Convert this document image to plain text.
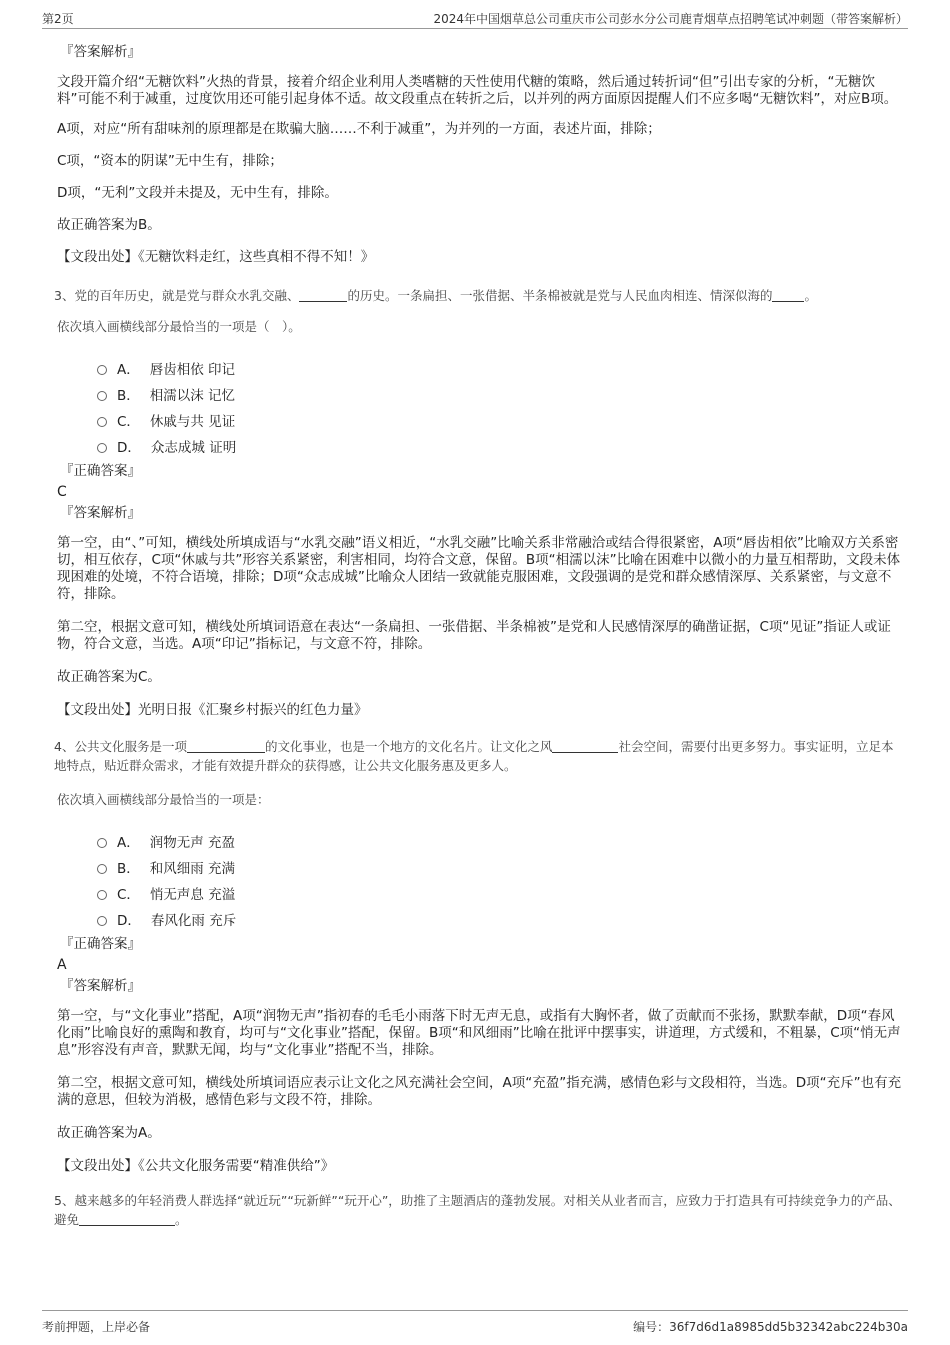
第2页	2024年中国烟草总公司重庆市公司彭水分公司鹿青烟草点招聘笔试冲刺题（带答案解析）
『答案解析』

文段开篇介绍“无糖饮料”火热的背景，接着介绍企业利用人类嗜糖的天性使用代糖的策略，然后通过转折词“但”引出专家的分析，“无糖饮料”可能不利于减重，过度饮用还可能引起身体不适。故文段重点在转折之后，以并列的两方面原因提醒人们不应多喝“无糖饮料”，对应B项。

A项，对应“所有甜味剂的原理都是在欺骗大脑……不利于减重”，为并列的一方面，表述片面，排除；

C项，“资本的阴谋”无中生有，排除；

D项，“无利”文段并未提及，无中生有，排除。

故正确答案为B。

【文段出处】《无糖饮料走红，这些真相不得不知！》

3、党的百年历史，就是党与群众水乳交融、	的历史。一条扁担、一张借据、半条棉被就是党与人民血肉相连、情深似海的	。
依次填入画横线部分最恰当的一项是（　）。
A． 唇齿相依 印记
B． 相濡以沫 记忆
C． 休戚与共 见证
D． 众志成城 证明
『正确答案』
C
『答案解析』

第一空，由“、”可知，横线处所填成语与“水乳交融”语义相近，“水乳交融”比喻关系非常融洽或结合得很紧密，A项“唇齿相依”比喻双方关系密切，相互依存，C项“休戚与共”形容关系紧密，利害相同，均符合文意，保留。B项“相濡以沫”比喻在困难中以微小的力量互相帮助，文段未体现困难的处境，不符合语境，排除；D项“众志成城”比喻众人团结一致就能克服困难，文段强调的是党和群众感情深厚、关系紧密，与文意不符，排除。

第二空，根据文意可知，横线处所填词语意在表达“一条扁担、一张借据、半条棉被”是党和人民感情深厚的确凿证据，C项“见证”指证人或证物，符合文意，当选。A项“印记”指标记，与文意不符，排除。

故正确答案为C。

【文段出处】光明日报《汇聚乡村振兴的红色力量》

4、公共文化服务是一项	的文化事业，也是一个地方的文化名片。让文化之风	社会空间，需要付出更多努力。事实证明，立足本地特点，贴近群众需求，才能有效提升群众的获得感，让公共文化服务惠及更多人。
依次填入画横线部分最恰当的一项是：
A． 润物无声 充盈
B． 和风细雨 充满
C． 悄无声息 充溢
D． 春风化雨 充斥
『正确答案』
A
『答案解析』

第一空，与“文化事业”搭配，A项“润物无声”指初春的毛毛小雨落下时无声无息，或指有大胸怀者，做了贡献而不张扬，默默奉献，D项“春风化雨”比喻良好的熏陶和教育，均可与“文化事业”搭配，保留。B项“和风细雨”比喻在批评中摆事实，讲道理，方式缓和，不粗暴，C项“悄无声息”形容没有声音，默默无闻，均与“文化事业”搭配不当，排除。

第二空，根据文意可知，横线处所填词语应表示让文化之风充满社会空间，A项“充盈”指充满，感情色彩与文段相符，当选。D项“充斥”也有充满的意思，但较为消极，感情色彩与文段不符，排除。

故正确答案为A。

【文段出处】《公共文化服务需要“精准供给”》

5、越来越多的年轻消费人群选择“就近玩”“玩新鲜”“玩开心”，助推了主题酒店的蓬勃发展。对相关从业者而言，应致力于打造具有可持续竞争力的产品、避免	。
考前押题，上岸必备	编号：36f7d6d1a8985dd5b32342abc224b30a
